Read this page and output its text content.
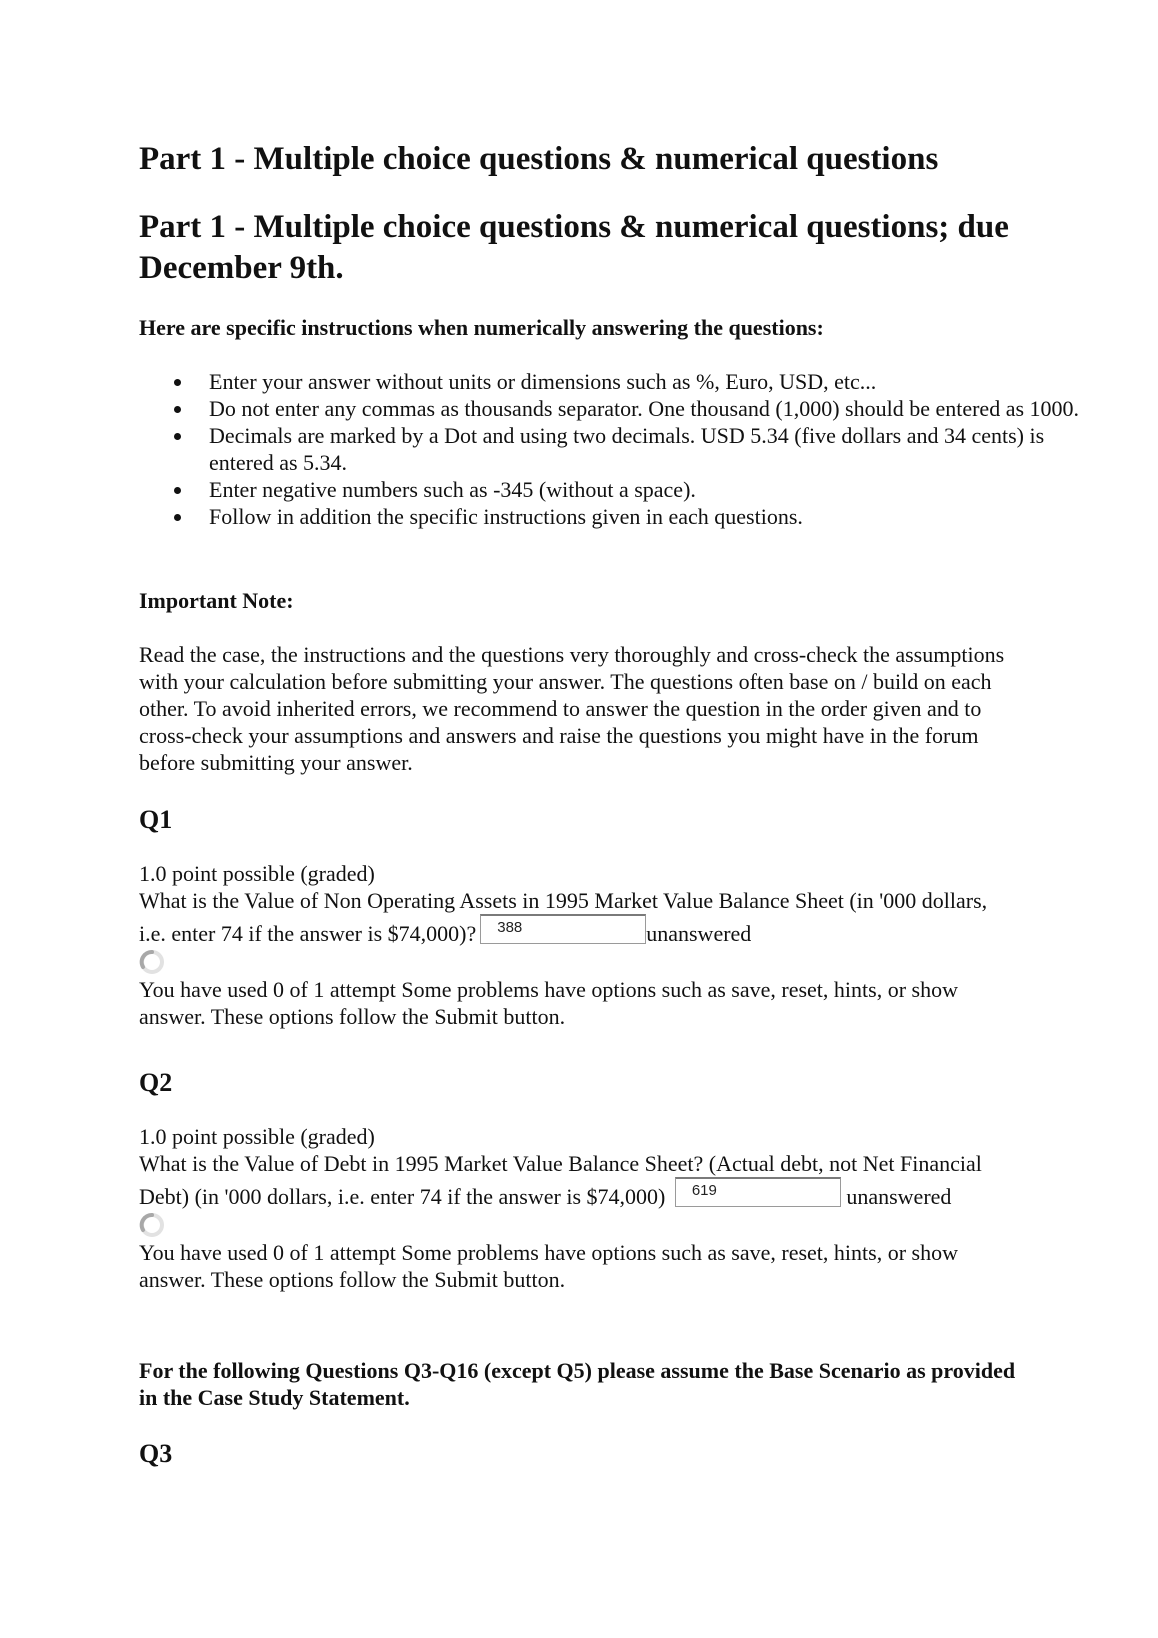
Part 1 - Multiple choice questions & numerical questions
Part 1 - Multiple choice questions & numerical questions; due December 9th.
Here are specific instructions when numerically answering the questions:
Enter your answer without units or dimensions such as %, Euro, USD, etc...
Do not enter any commas as thousands separator. One thousand (1,000) should be entered as 1000.
Decimals are marked by a Dot and using two decimals. USD 5.34 (five dollars and 34 cents) is entered as 5.34.
Enter negative numbers such as -345 (without a space).
Follow in addition the specific instructions given in each questions.
Important Note:
Read the case, the instructions and the questions very thoroughly and cross-check the assumptions with your calculation before submitting your answer. The questions often base on / build on each other. To avoid inherited errors, we recommend to answer the question in the order given and to cross-check your assumptions and answers and raise the questions you might have in the forum before submitting your answer.
Q1
1.0 point possible (graded)
What is the Value of Non Operating Assets in 1995 Market Value Balance Sheet (in '000 dollars, i.e. enter 74 if the answer is $74,000)? 388	unanswered
You have used 0 of 1 attempt Some problems have options such as save, reset, hints, or show answer. These options follow the Submit button.
Q2
1.0 point possible (graded)
What is the Value of Debt in 1995 Market Value Balance Sheet? (Actual debt, not Net Financial Debt) (in '000 dollars, i.e. enter 74 if the answer is $74,000) 619	unanswered
You have used 0 of 1 attempt Some problems have options such as save, reset, hints, or show answer. These options follow the Submit button.
For the following Questions Q3-Q16 (except Q5) please assume the Base Scenario as provided in the Case Study Statement.
Q3
